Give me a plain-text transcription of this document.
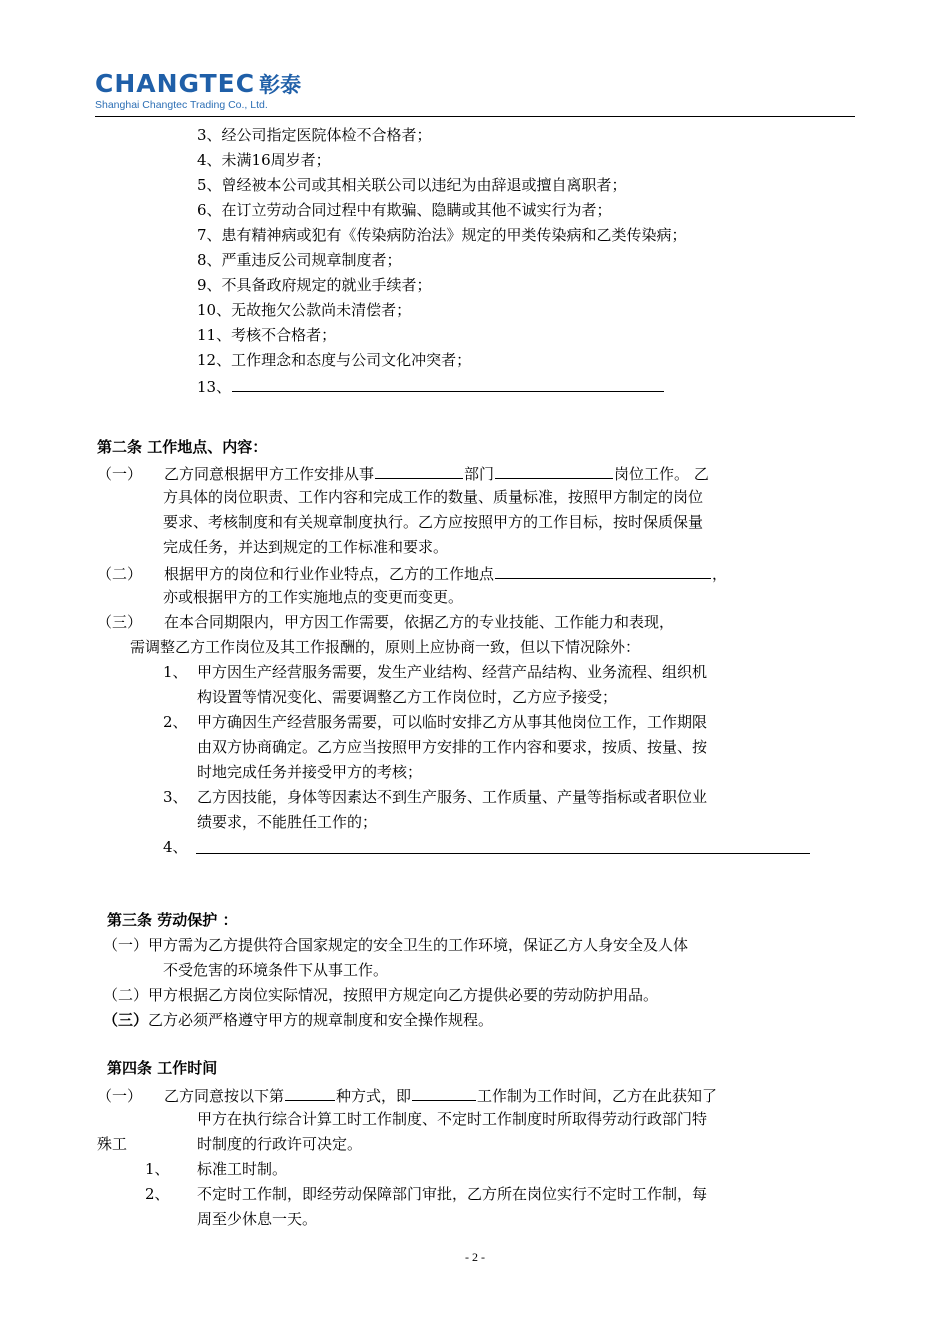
CHANGTEC 彰泰
Shanghai Changtec Trading Co., Ltd.
3、经公司指定医院体检不合格者；
4、未满16周岁者；
5、曾经被本公司或其相关联公司以违纪为由辞退或擅自离职者；
6、在订立劳动合同过程中有欺骗、隐瞒或其他不诚实行为者；
7、患有精神病或犯有《传染病防治法》规定的甲类传染病和乙类传染病；
8、严重违反公司规章制度者；
9、不具备政府规定的就业手续者；
10、无故拖欠公款尚未清偿者；
11、考核不合格者；
12、工作理念和态度与公司文化冲突者；
13、
第二条 工作地点、内容：
（一） 乙方同意根据甲方工作安排从事	部门	岗位工作。 乙
方具体的岗位职责、工作内容和完成工作的数量、质量标准，按照甲方制定的岗位
要求、考核制度和有关规章制度执行。乙方应按照甲方的工作目标，按时保质保量
完成任务，并达到规定的工作标准和要求。
（二） 根据甲方的岗位和行业作业特点，乙方的工作地点	，
亦或根据甲方的工作实施地点的变更而变更。
（三） 在本合同期限内，甲方因工作需要，依据乙方的专业技能、工作能力和表现，
需调整乙方工作岗位及其工作报酬的，原则上应协商一致，但以下情况除外：
1、 甲方因生产经营服务需要，发生产业结构、经营产品结构、业务流程、组织机
构设置等情况变化、需要调整乙方工作岗位时，乙方应予接受；
2、 甲方确因生产经营服务需要，可以临时安排乙方从事其他岗位工作，工作期限
由双方协商确定。乙方应当按照甲方安排的工作内容和要求，按质、按量、按
时地完成任务并接受甲方的考核；
3、 乙方因技能，身体等因素达不到生产服务、工作质量、产量等指标或者职位业
绩要求，不能胜任工作的；
4、
第三条 劳动保护 ：
（一）甲方需为乙方提供符合国家规定的安全卫生的工作环境，保证乙方人身安全及人体
不受危害的环境条件下从事工作。
（二）甲方根据乙方岗位实际情况，按照甲方规定向乙方提供必要的劳动防护用品。
（三）乙方必须严格遵守甲方的规章制度和安全操作规程。
第四条 工作时间
（一） 乙方同意按以下第	种方式，即	工作制为工作时间，乙方在此获知了
甲方在执行综合计算工时工作制度、不定时工作制度时所取得劳动行政部门特
殊工	时制度的行政许可决定。
1、 标准工时制。
2、 不定时工作制，即经劳动保障部门审批，乙方所在岗位实行不定时工作制，每
周至少休息一天。
- 2 -
